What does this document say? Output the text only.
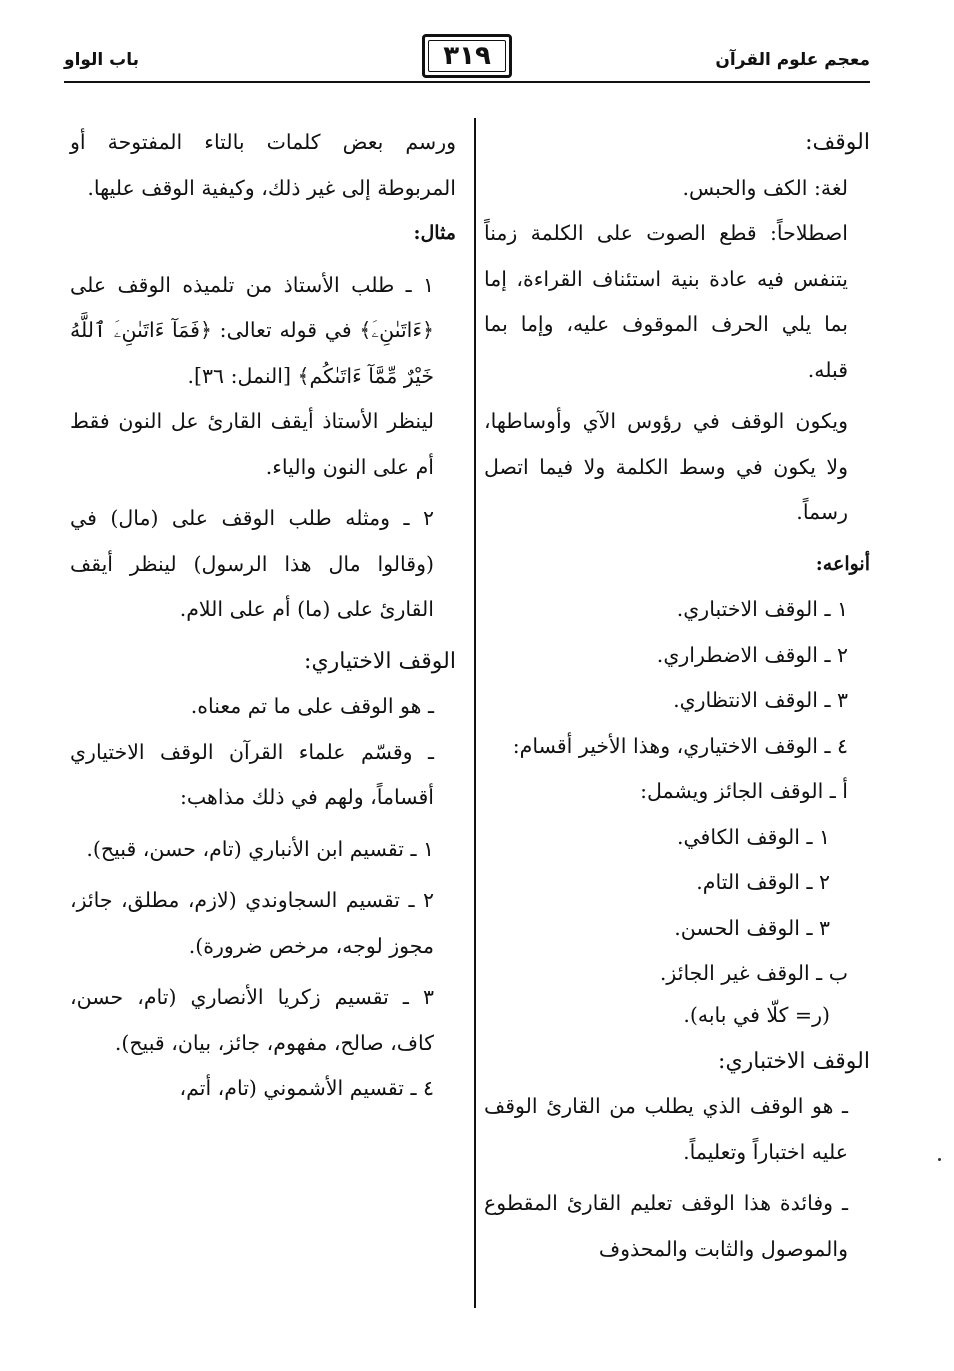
معجم علوم القرآن
٣١٩
باب الواو

الوقف:

لغة: الكف والحبس.

اصطلاحاً: قطع الصوت على الكلمة زمناً يتنفس فيه عادة بنية استئناف القراءة، إما بما يلي الحرف الموقوف عليه، وإما بما قبله.

ويكون الوقف في رؤوس الآي وأوساطها، ولا يكون في وسط الكلمة ولا فيما اتصل رسماً.

أنواعه:

١ ـ الوقف الاختباري.

٢ ـ الوقف الاضطراري.

٣ ـ الوقف الانتظاري.

٤ ـ الوقف الاختياري، وهذا الأخير أقسام:

أ ـ الوقف الجائز ويشمل:

١ ـ الوقف الكافي.

٢ ـ الوقف التام.

٣ ـ الوقف الحسن.

ب ـ الوقف غير الجائز.

(ر= كلّا في بابه).

الوقف الاختباري:

ـ هو الوقف الذي يطلب من القارئ الوقف عليه اختباراً وتعليماً.

ـ وفائدة هذا الوقف تعليم القارئ المقطوع والموصول والثابت والمحذوف

ورسم بعض كلمات بالتاء المفتوحة أو المربوطة إلى غير ذلك، وكيفية الوقف عليها.

مثال:

١ ـ طلب الأستاذ من تلميذه الوقف على ﴿ءَاتَىٰنِۦَ﴾ في قوله تعالى: ﴿فَمَآ ءَاتَىٰنِۦَ ٱللَّهُ خَيْرٌ مِّمَّآ ءَاتَىٰكُم﴾ [النمل: ٣٦].

لينظر الأستاذ أيقف القارئ عل النون فقط أم على النون والياء.

٢ ـ ومثله طلب الوقف على (مال) في (وقالوا مال هذا الرسول) لينظر أيقف القارئ على (ما) أم على اللام.

الوقف الاختياري:

ـ هو الوقف على ما تم معناه.

ـ وقسّم علماء القرآن الوقف الاختياري أقساماً، ولهم في ذلك مذاهب:

١ ـ تقسيم ابن الأنباري (تام، حسن، قبيح).

٢ ـ تقسيم السجاوندي (لازم، مطلق، جائز، مجوز لوجه، مرخص ضرورة).

٣ ـ تقسيم زكريا الأنصاري (تام، حسن، كاف، صالح، مفهوم، جائز، بيان، قبيح).

٤ ـ تقسيم الأشموني (تام، أتم،
